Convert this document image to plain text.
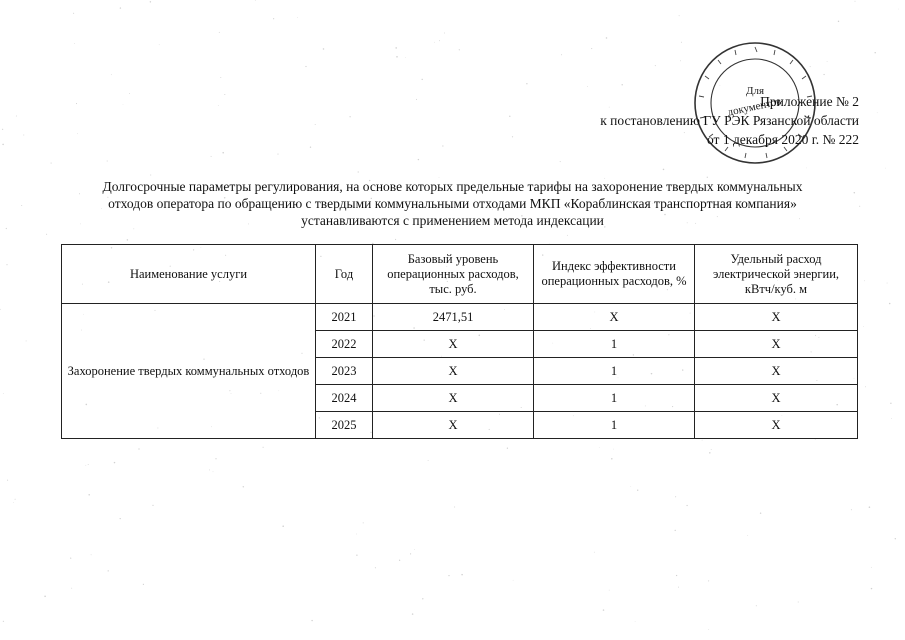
Для
документов
Приложение № 2
к постановлению ГУ РЭК Рязанской области
от 1 декабря 2020 г. № 222
Долгосрочные параметры регулирования, на основе которых предельные тарифы на захоронение твердых коммунальных
отходов оператора по обращению с твердыми коммунальными отходами МКП «Кораблинская транспортная компания»
устанавливаются с применением метода индексации
Наименование услуги	Год	Базовый уровень операционных расходов, тыс. руб.	Индекс эффективности операционных расходов, %	Удельный расход электрической энергии, кВтч/куб. м
Захоронение твердых коммунальных отходов	2021	2471,51	Х	Х
	2022	Х	1	Х
	2023	Х	1	Х
	2024	Х	1	Х
	2025	Х	1	Х
